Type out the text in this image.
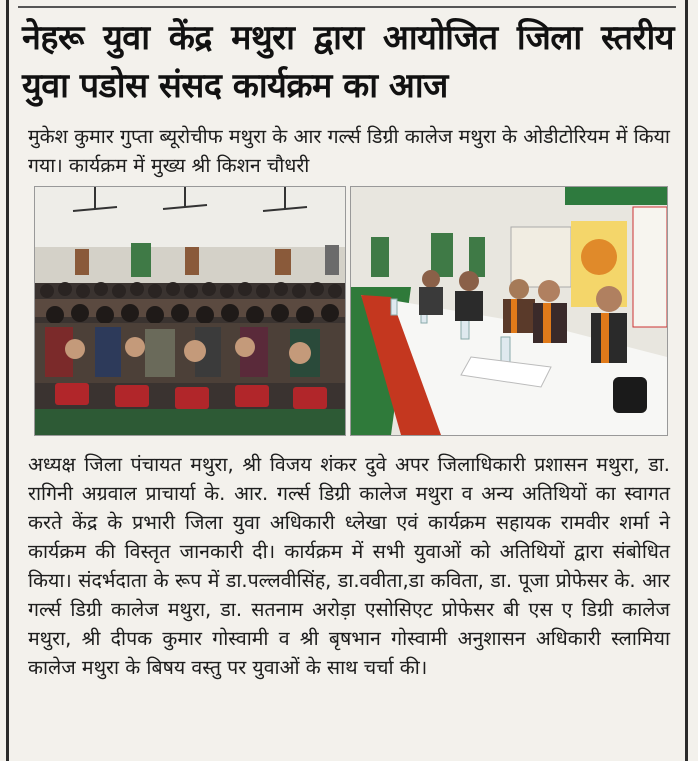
नेहरू युवा केंद्र मथुरा द्वारा आयोजित जिला स्तरीय युवा पडोस संसद कार्यक्रम का आज
मुकेश कुमार गुप्ता ब्यूरोचीफ मथुरा के आर गर्ल्स डिग्री कालेज मथुरा के ओडीटोरियम में किया गया। कार्यक्रम में मुख्य श्री किशन चौधरी
अध्यक्ष जिला पंचायत मथुरा, श्री विजय शंकर दुवे अपर जिलाधिकारी प्रशासन मथुरा, डा. रागिनी अग्रवाल प्राचार्या के. आर. गर्ल्स डिग्री कालेज मथुरा व अन्य अतिथियों का स्वागत करते केंद्र के प्रभारी जिला युवा अधिकारी ध्लेखा एवं कार्यक्रम सहायक रामवीर शर्मा ने कार्यक्रम की विस्तृत जानकारी दी। कार्यक्रम में सभी युवाओं को अतिथियों द्वारा संबोधित किया। संदर्भदाता के रूप में डा.पल्लवीसिंह, डा.ववीता,डा कविता, डा. पूजा प्रोफेसर के. आर गर्ल्स डिग्री कालेज मथुरा, डा. सतनाम अरोड़ा एसोसिएट प्रोफेसर बी एस ए डिग्री कालेज मथुरा, श्री दीपक कुमार गोस्वामी व श्री बृषभान गोस्वामी अनुशासन अधिकारी स्लामिया कालेज मथुरा के बिषय वस्तु पर युवाओं के साथ चर्चा की।
